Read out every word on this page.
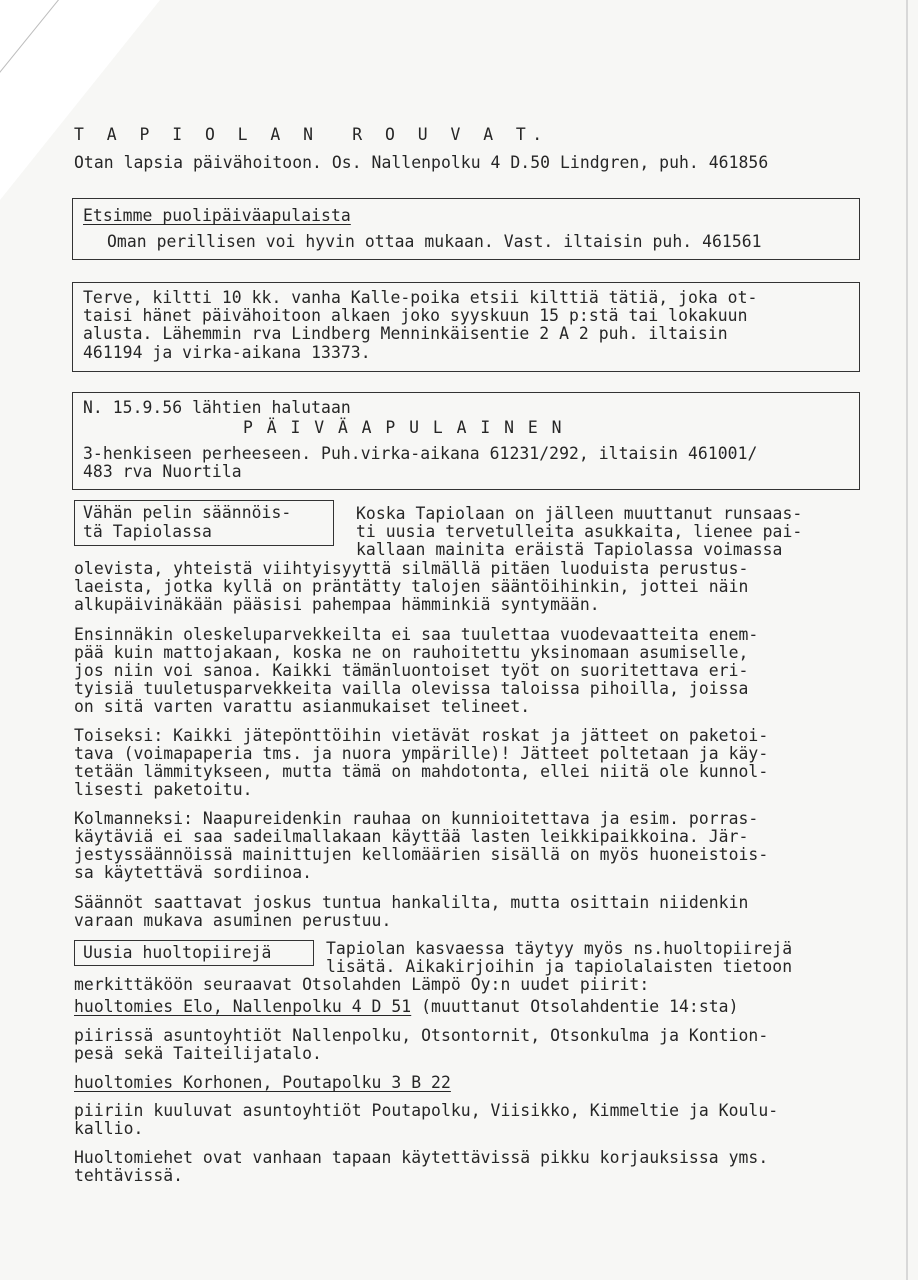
T A P I O L A N  R O U V A T.

Otan lapsia päivähoitoon. Os. Nallenpolku 4 D.50 Lindgren, puh. 461856

Etsimme puolipäiväapulaista

Oman perillisen voi hyvin ottaa mukaan. Vast. iltaisin puh. 461561

Terve, kiltti 10 kk. vanha Kalle-poika etsii kilttiä tätiä, joka ot-

taisi hänet päivähoitoon alkaen joko syyskuun 15 p:stä tai lokakuun

alusta. Lähemmin rva Lindberg Menninkäisentie 2 A 2 puh. iltaisin

461194 ja virka-aikana 13373.

N. 15.9.56 lähtien halutaan

P Ä I V Ä A P U L A I N E N

3-henkiseen perheeseen. Puh.virka-aikana 61231/292, iltaisin 461001/

483 rva Nuortila

Vähän pelin säännöis-

tä Tapiolassa

Koska Tapiolaan on jälleen muuttanut runsaas-

ti uusia tervetulleita asukkaita, lienee pai-

kallaan mainita eräistä Tapiolassa voimassa

olevista, yhteistä viihtyisyyttä silmällä pitäen luoduista perustus-

laeista, jotka kyllä on präntätty talojen sääntöihinkin, jottei näin

alkupäivinäkään pääsisi pahempaa hämminkiä syntymään.

Ensinnäkin oleskeluparvekkeilta ei saa tuulettaa vuodevaatteita enem-

pää kuin mattojakaan, koska ne on rauhoitettu yksinomaan asumiselle,

jos niin voi sanoa. Kaikki tämänluontoiset työt on suoritettava eri-

tyisiä tuuletusparvekkeita vailla olevissa taloissa pihoilla, joissa

on sitä varten varattu asianmukaiset telineet.

Toiseksi: Kaikki jätepönttöihin vietävät roskat ja jätteet on paketoi-

tava (voimapaperia tms. ja nuora ympärille)! Jätteet poltetaan ja käy-

tetään lämmitykseen, mutta tämä on mahdotonta, ellei niitä ole kunnol-

lisesti paketoitu.

Kolmanneksi: Naapureidenkin rauhaa on kunnioitettava ja esim. porras-

käytäviä ei saa sadeilmallakaan käyttää lasten leikkipaikkoina. Jär-

jestyssäännöissä mainittujen kellomäärien sisällä on myös huoneistois-

sa käytettävä sordiinoa.

Säännöt saattavat joskus tuntua hankalilta, mutta osittain niidenkin

varaan mukava asuminen perustuu.

Uusia huoltopiirejä	Tapiolan kasvaessa täytyy myös ns.huoltopiirejä

lisätä. Aikakirjoihin ja tapiolalaisten tietoon

merkittäköön seuraavat Otsolahden Lämpö Oy:n uudet piirit:

huoltomies Elo, Nallenpolku 4 D 51 (muuttanut Otsolahdentie 14:sta)

piirissä asuntoyhtiöt Nallenpolku, Otsontornit, Otsonkulma ja Kontion-

pesä sekä Taiteilijatalo.

huoltomies Korhonen, Poutapolku 3 B 22

piiriin kuuluvat asuntoyhtiöt Poutapolku, Viisikko, Kimmeltie ja Koulu-

kallio.

Huoltomiehet ovat vanhaan tapaan käytettävissä pikku korjauksissa yms.

tehtävissä.
